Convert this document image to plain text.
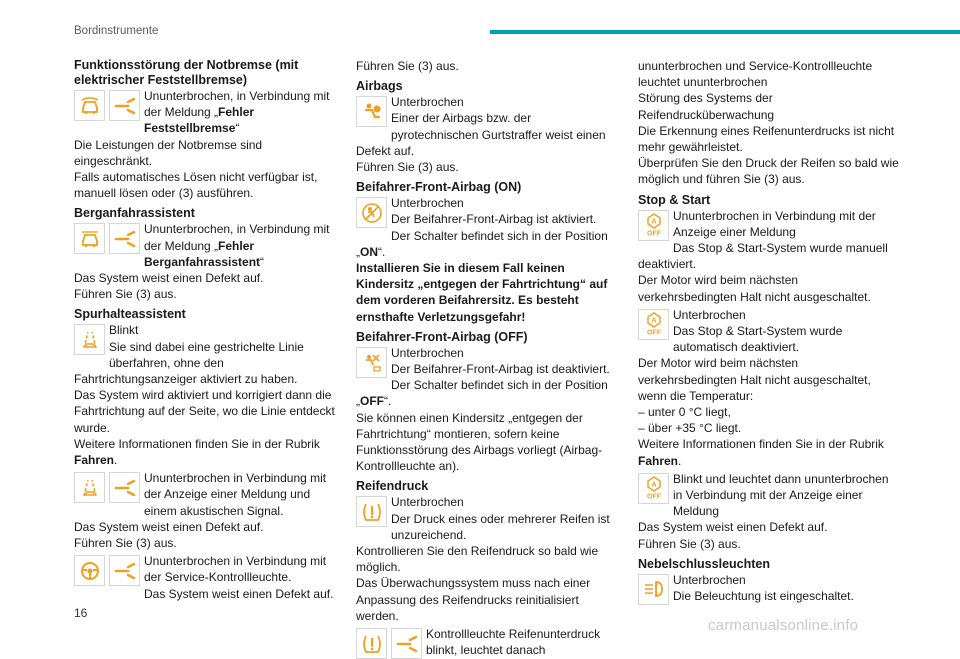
Bordinstrumente
Funktionsstörung der Notbremse (mit elektrischer Feststellbremse)

Ununterbrochen, in Verbindung mit der Meldung „Fehler Feststellbremse“

Die Leistungen der Notbremse sind eingeschränkt.

Falls automatisches Lösen nicht verfügbar ist, manuell lösen oder (3) ausführen.

Berganfahrassistent

Ununterbrochen, in Verbindung mit der Meldung „Fehler Berganfahrassistent“

Das System weist einen Defekt auf.

Führen Sie (3) aus.

Spurhalteassistent

Blinkt

Sie sind dabei eine gestrichelte Linie überfahren, ohne den Fahrtrichtungsanzeiger aktiviert zu haben.

Das System wird aktiviert und korrigiert dann die Fahrtrichtung auf der Seite, wo die Linie entdeckt wurde.

Weitere Informationen finden Sie in der Rubrik Fahren.

Ununterbrochen in Verbindung mit der Anzeige einer Meldung und einem akustischen Signal.

Das System weist einen Defekt auf.

Führen Sie (3) aus.

Ununterbrochen in Verbindung mit der Service-Kontrollleuchte.

Das System weist einen Defekt auf.

Führen Sie (3) aus.

Airbags

Unterbrochen

Einer der Airbags bzw. der pyrotechnischen Gurtstraffer weist einen Defekt auf.

Führen Sie (3) aus.

Beifahrer-Front-Airbag (ON)

Unterbrochen

Der Beifahrer-Front-Airbag ist aktiviert.

Der Schalter befindet sich in der Position „ON“.

Installieren Sie in diesem Fall keinen Kindersitz „entgegen der Fahrtrichtung“ auf dem vorderen Beifahrersitz. Es besteht ernsthafte Verletzungsgefahr!

Beifahrer-Front-Airbag (OFF)

Unterbrochen

Der Beifahrer-Front-Airbag ist deaktiviert.

Der Schalter befindet sich in der Position „OFF“.

Sie können einen Kindersitz „entgegen der Fahrtrichtung“ montieren, sofern keine Funktionsstörung des Airbags vorliegt (Airbag-Kontrollleuchte an).

Reifendruck

Unterbrochen

Der Druck eines oder mehrerer Reifen ist unzureichend.

Kontrollieren Sie den Reifendruck so bald wie möglich.

Das Überwachungssystem muss nach einer Anpassung des Reifendrucks reinitialisiert werden.

Kontrollleuchte Reifenunterdruck blinkt, leuchtet danach

ununterbrochen und Service-Kontrollleuchte leuchtet ununterbrochen

Störung des Systems der Reifendrucküberwachung

Die Erkennung eines Reifenunterdrucks ist nicht mehr gewährleistet.

Überprüfen Sie den Druck der Reifen so bald wie möglich und führen Sie (3) aus.

Stop & Start
A
OFF

Ununterbrochen in Verbindung mit der Anzeige einer Meldung

Das Stop & Start-System wurde manuell deaktiviert.

Der Motor wird beim nächsten verkehrsbedingten Halt nicht ausgeschaltet.

A
OFF

Unterbrochen

Das Stop & Start-System wurde automatisch deaktiviert.

Der Motor wird beim nächsten verkehrsbedingten Halt nicht ausgeschaltet, wenn die Temperatur:

– unter 0 °C liegt,

– über +35 °C liegt.

Weitere Informationen finden Sie in der Rubrik Fahren.

A
OFF

Blinkt und leuchtet dann ununterbrochen in Verbindung mit der Anzeige einer Meldung

Das System weist einen Defekt auf.

Führen Sie (3) aus.

Nebelschlussleuchten

Unterbrochen

Die Beleuchtung ist eingeschaltet.

16
carmanualsonline.info
